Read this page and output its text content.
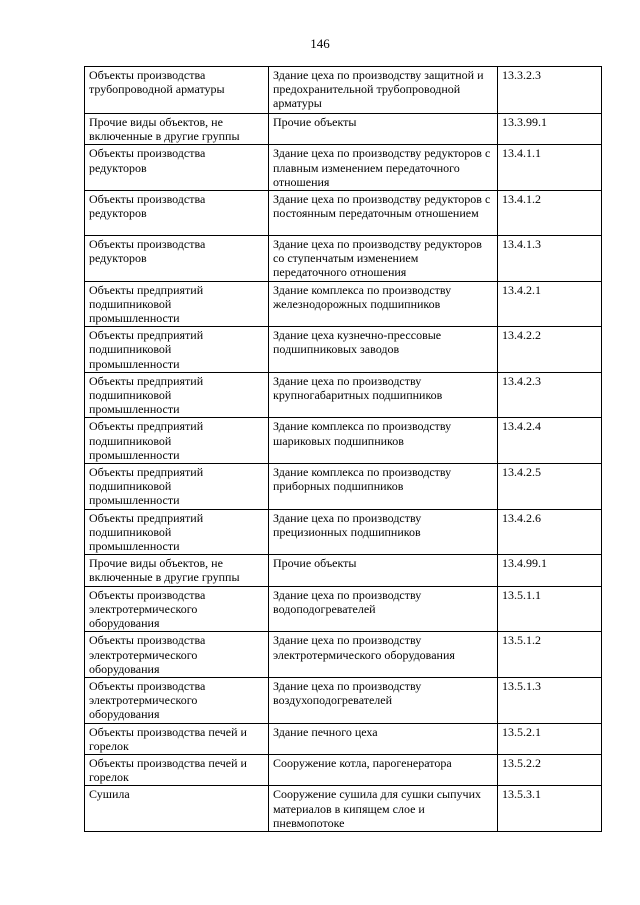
146
Объекты производства трубопроводной арматуры	Здание цеха по производству защитной и предохранительной трубопроводной арматуры	13.3.2.3
Прочие виды объектов, не включенные в другие группы	Прочие объекты	13.3.99.1
Объекты производства редукторов	Здание цеха по производству редукторов с плавным изменением передаточного отношения	13.4.1.1
Объекты производства редукторов	Здание цеха по производству редукторов с постоянным передаточным отношением	13.4.1.2
Объекты производства редукторов	Здание цеха по производству редукторов со ступенчатым изменением передаточного отношения	13.4.1.3
Объекты предприятий подшипниковой промышленности	Здание комплекса по производству железнодорожных подшипников	13.4.2.1
Объекты предприятий подшипниковой промышленности	Здание цеха кузнечно-прессовые подшипниковых заводов	13.4.2.2
Объекты предприятий подшипниковой промышленности	Здание цеха по производству крупногабаритных подшипников	13.4.2.3
Объекты предприятий подшипниковой промышленности	Здание комплекса по производству шариковых подшипников	13.4.2.4
Объекты предприятий подшипниковой промышленности	Здание комплекса по производству приборных подшипников	13.4.2.5
Объекты предприятий подшипниковой промышленности	Здание цеха по производству прецизионных подшипников	13.4.2.6
Прочие виды объектов, не включенные в другие группы	Прочие объекты	13.4.99.1
Объекты производства электротермического оборудования	Здание цеха по производству водоподогревателей	13.5.1.1
Объекты производства электротермического оборудования	Здание цеха по производству электротермического оборудования	13.5.1.2
Объекты производства электротермического оборудования	Здание цеха по производству воздухоподогревателей	13.5.1.3
Объекты производства печей и горелок	Здание печного цеха	13.5.2.1
Объекты производства печей и горелок	Сооружение котла, парогенератора	13.5.2.2
Сушила	Сооружение сушила для сушки сыпучих материалов в кипящем слое и пневмопотоке	13.5.3.1
